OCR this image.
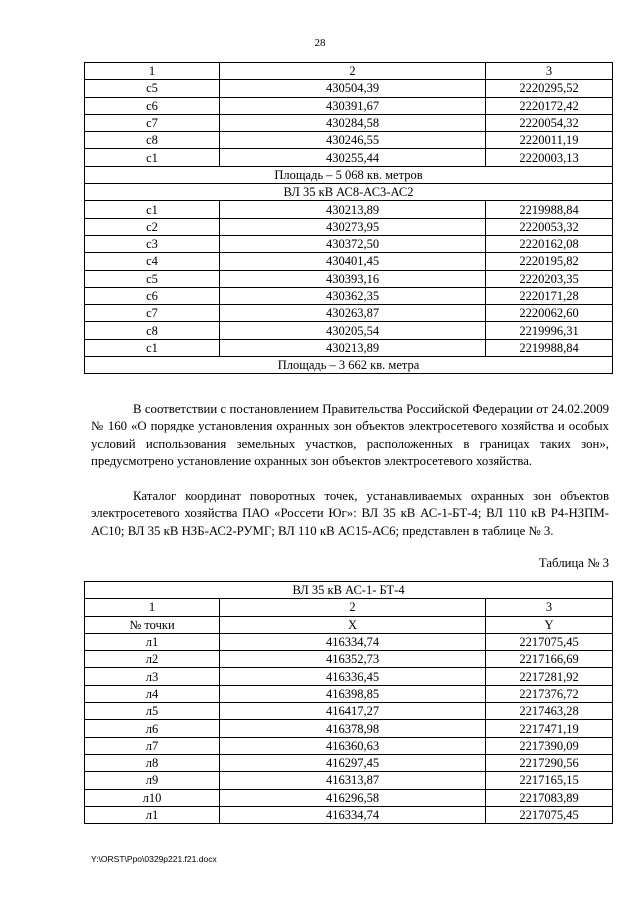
28
1	2	3
с5	430504,39	2220295,52
с6	430391,67	2220172,42
с7	430284,58	2220054,32
с8	430246,55	2220011,19
с1	430255,44	2220003,13
Площадь – 5 068 кв. метров		
ВЛ 35 кВ АС8-АС3-АС2		
с1	430213,89	2219988,84
с2	430273,95	2220053,32
с3	430372,50	2220162,08
с4	430401,45	2220195,82
с5	430393,16	2220203,35
с6	430362,35	2220171,28
с7	430263,87	2220062,60
с8	430205,54	2219996,31
с1	430213,89	2219988,84
Площадь – 3 662 кв. метра		

В соответствии с постановлением Правительства Российской Федерации от 24.02.2009 № 160 «О порядке установления охранных зон объектов электросетевого хозяйства и особых условий использования земельных участков, расположенных в границах таких зон», предусмотрено установление охранных зон объектов электросетевого хозяйства.

Каталог координат поворотных точек, устанавливаемых охранных зон объектов электросетевого хозяйства ПАО «Россети Юг»: ВЛ 35 кВ АС-1-БТ-4; ВЛ 110 кВ Р4-НЗПМ-АС10; ВЛ 35 кВ НЗБ-АС2-РУМГ; ВЛ 110 кВ АС15-АС6; представлен в таблице № 3.

Таблица № 3
ВЛ 35 кВ АС-1- БТ-4		
1	2	3
№ точки	X	Y
л1	416334,74	2217075,45
л2	416352,73	2217166,69
л3	416336,45	2217281,92
л4	416398,85	2217376,72
л5	416417,27	2217463,28
л6	416378,98	2217471,19
л7	416360,63	2217390,09
л8	416297,45	2217290,56
л9	416313,87	2217165,15
л10	416296,58	2217083,89
л1	416334,74	2217075,45
Y:\ORST\Ppo\0329p221.f21.docx
